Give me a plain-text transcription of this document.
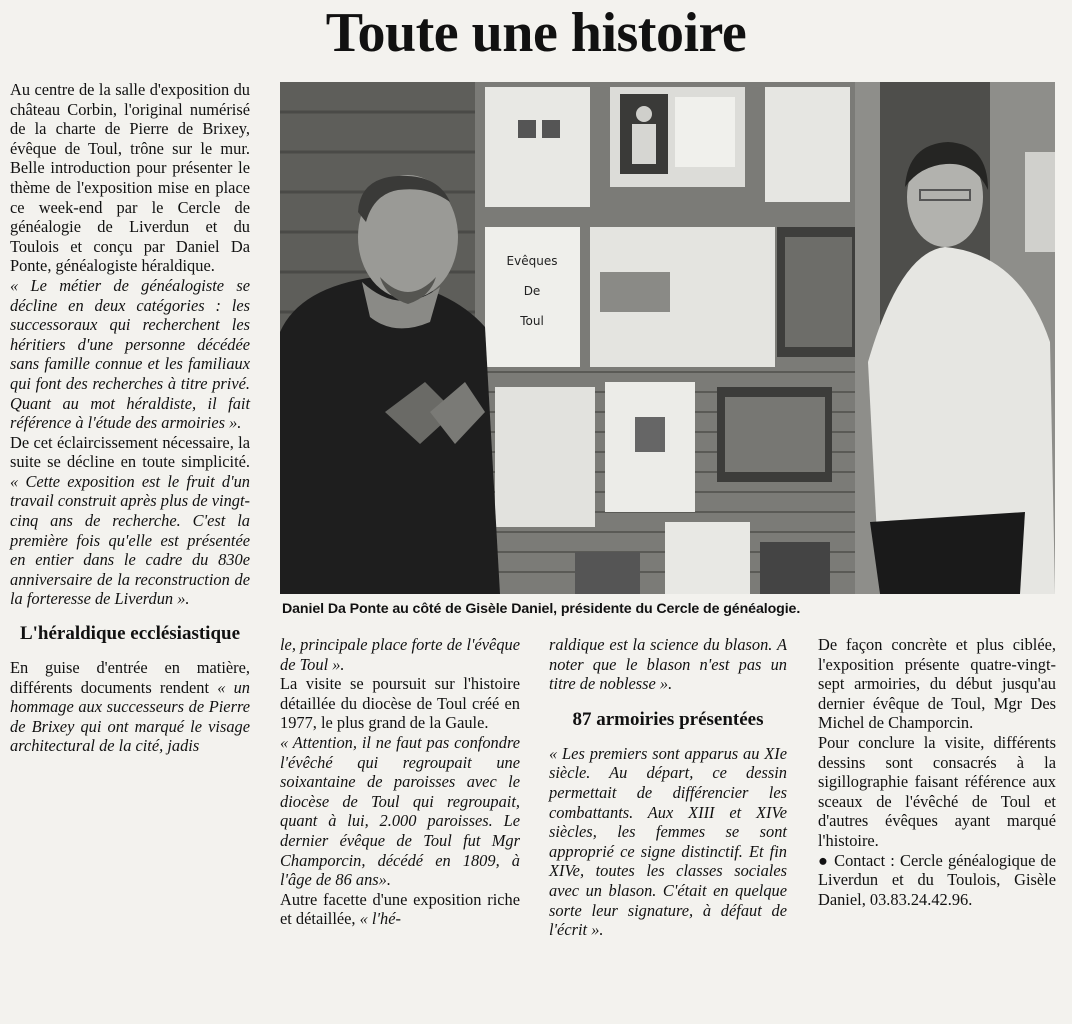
Toute une histoire

Au centre de la salle d'exposition du château Corbin, l'original numérisé de la charte de Pierre de Brixey, évêque de Toul, trône sur le mur. Belle introduction pour présenter le thème de l'exposition mise en place ce week-end par le Cercle de généalogie de Liverdun et du Toulois et conçu par Daniel Da Ponte, généalogiste héraldique.

« Le métier de généalogiste se décline en deux catégories : les successoraux qui recherchent les héritiers d'une personne décédée sans famille connue et les familiaux qui font des recherches à titre privé. Quant au mot héraldiste, il fait référence à l'étude des armoiries ».

De cet éclaircissement nécessaire, la suite se décline en toute simplicité. « Cette exposition est le fruit d'un travail construit après plus de vingt-cinq ans de recherche. C'est la première fois qu'elle est présentée en entier dans le cadre du 830e anniversaire de la reconstruction de la forteresse de Liverdun ».

L'héraldique ecclésiastique

En guise d'entrée en matière, différents documents rendent « un hommage aux successeurs de Pierre de Brixey qui ont marqué le visage architectural de la cité, jadis

Evêques
De
Toul
Daniel Da Ponte au côté de Gisèle Daniel, présidente du Cercle de généalogie.

le, principale place forte de l'évêque de Toul ».

La visite se poursuit sur l'histoire détaillée du diocèse de Toul créé en 1977, le plus grand de la Gaule.

« Attention, il ne faut pas confondre l'évêché qui regroupait une soixantaine de paroisses avec le diocèse de Toul qui regroupait, quant à lui, 2.000 paroisses. Le dernier évêque de Toul fut Mgr Champorcin, décédé en 1809, à l'âge de 86 ans».

Autre facette d'une exposition riche et détaillée, « l'hé-

raldique est la science du blason. A noter que le blason n'est pas un titre de noblesse ».

87 armoiries présentées

« Les premiers sont apparus au XIe siècle. Au départ, ce dessin permettait de différencier les combattants. Aux XIII et XIVe siècles, les femmes se sont approprié ce signe distinctif. Et fin XIVe, toutes les classes sociales avec un blason. C'était en quelque sorte leur signature, à défaut de l'écrit ».

De façon concrète et plus ciblée, l'exposition présente quatre-vingt-sept armoiries, du début jusqu'au dernier évêque de Toul, Mgr Des Michel de Champorcin.

Pour conclure la visite, différents dessins sont consacrés à la sigillographie faisant référence aux sceaux de l'évêché de Toul et d'autres évêques ayant marqué l'histoire.

● Contact : Cercle généalogique de Liverdun et du Toulois, Gisèle Daniel, 03.83.24.42.96.
